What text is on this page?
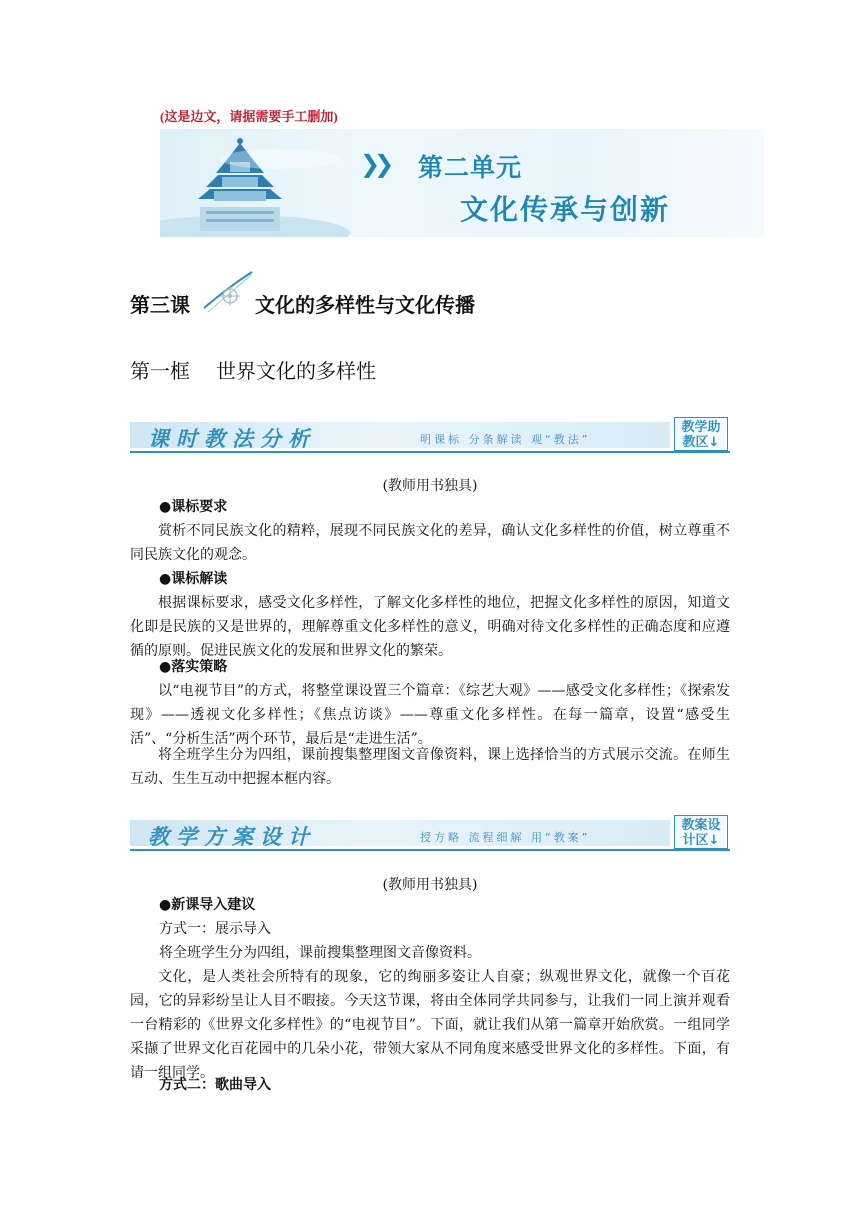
(这是边文，请据需要手工删加)
❯❯ 第二单元
文化传承与创新
第三课	文化的多样性与文化传播
第一框 世界文化的多样性
课时教法分析	明课标 分条解读 观“教法”
教学助
教区↓
(教师用书独具)
●课标要求
赏析不同民族文化的精粹，展现不同民族文化的差异，确认文化多样性的价值，树立尊重不同民族文化的观念。
●课标解读
根据课标要求，感受文化多样性，了解文化多样性的地位，把握文化多样性的原因，知道文化即是民族的又是世界的，理解尊重文化多样性的意义，明确对待文化多样性的正确态度和应遵循的原则。促进民族文化的发展和世界文化的繁荣。
●落实策略
以“电视节目”的方式，将整堂课设置三个篇章：《综艺大观》——感受文化多样性；《探索发现》——透视文化多样性；《焦点访谈》——尊重文化多样性。在每一篇章，设置“感受生活”、“分析生活”两个环节，最后是“走进生活”。
将全班学生分为四组，课前搜集整理图文音像资料，课上选择恰当的方式展示交流。在师生互动、生生互动中把握本框内容。
教学方案设计	授方略 流程细解 用“教案”
教案设
计区↓
(教师用书独具)
●新课导入建议
方式一：展示导入
将全班学生分为四组，课前搜集整理图文音像资料。
文化，是人类社会所特有的现象，它的绚丽多姿让人自豪；纵观世界文化，就像一个百花园，它的异彩纷呈让人目不暇接。今天这节课，将由全体同学共同参与，让我们一同上演并观看一台精彩的《世界文化多样性》的“电视节目”。下面，就让我们从第一篇章开始欣赏。一组同学采撷了世界文化百花园中的几朵小花，带领大家从不同角度来感受世界文化的多样性。下面，有请一组同学。
方式二：歌曲导入
